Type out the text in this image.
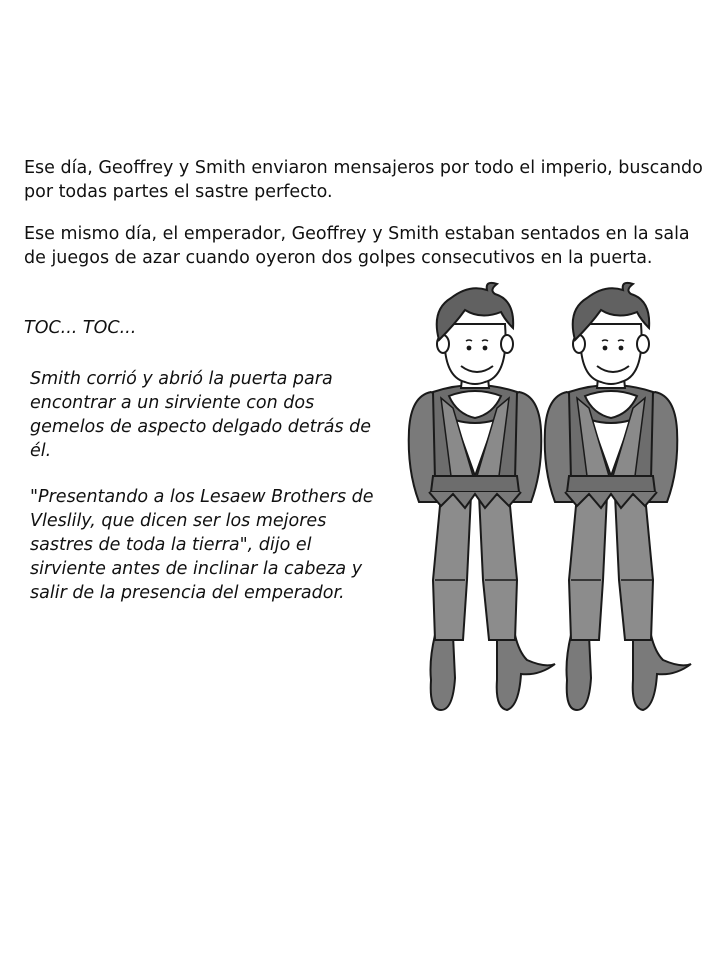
Ese día, Geoffrey y Smith enviaron mensajeros por todo el imperio, buscando por todas partes el sastre perfecto.

Ese mismo día, el emperador, Geoffrey y Smith estaban sentados en la sala de juegos de azar cuando oyeron dos golpes consecutivos en la puerta.

TOC... TOC...

Smith corrió y abrió la puerta para encontrar a un sirviente con dos gemelos de aspecto delgado detrás de él.

"Presentando a los Lesaew Brothers de Vleslily, que dicen ser los mejores sastres de toda la tierra", dijo el sirviente antes de inclinar la cabeza y salir de la presencia del emperador.
